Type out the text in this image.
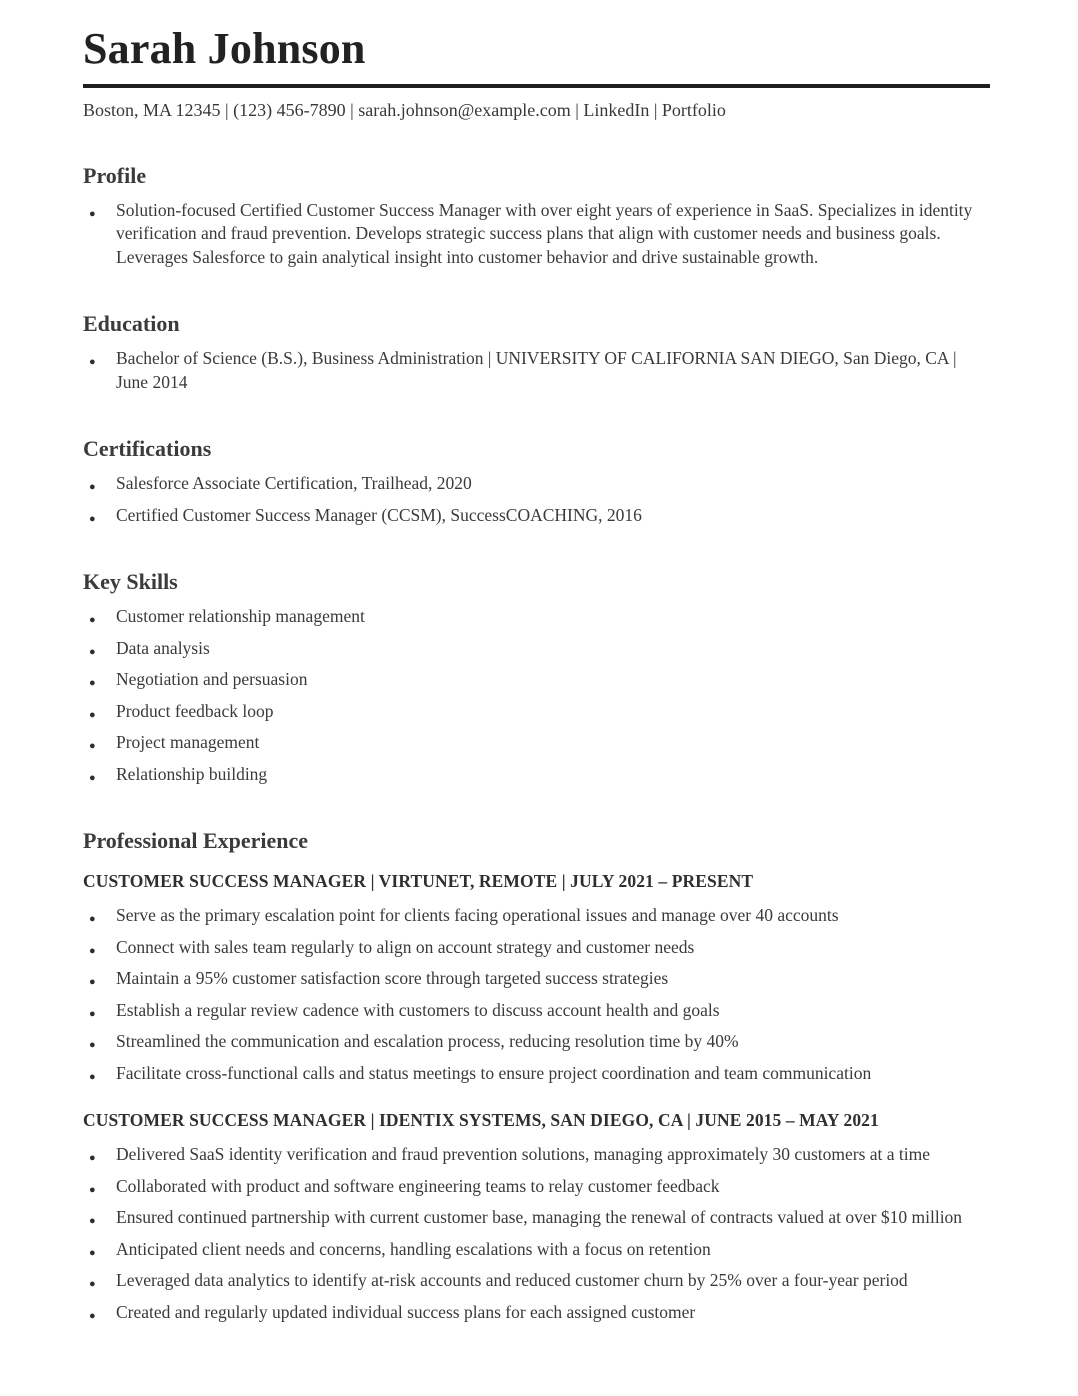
Sarah Johnson
Boston, MA 12345 | (123) 456-7890 | sarah.johnson@example.com | LinkedIn | Portfolio
Profile
● Solution-focused Certified Customer Success Manager with over eight years of experience in SaaS. Specializes in identity verification and fraud prevention. Develops strategic success plans that align with customer needs and business goals. Leverages Salesforce to gain analytical insight into customer behavior and drive sustainable growth.
Education
● Bachelor of Science (B.S.), Business Administration | UNIVERSITY OF CALIFORNIA SAN DIEGO, San Diego, CA | June 2014
Certifications
● Salesforce Associate Certification, Trailhead, 2020
● Certified Customer Success Manager (CCSM), SuccessCOACHING, 2016
Key Skills
● Customer relationship management
● Data analysis
● Negotiation and persuasion
● Product feedback loop
● Project management
● Relationship building
Professional Experience
CUSTOMER SUCCESS MANAGER | VIRTUNET, REMOTE | JULY 2021 – PRESENT
● Serve as the primary escalation point for clients facing operational issues and manage over 40 accounts
● Connect with sales team regularly to align on account strategy and customer needs
● Maintain a 95% customer satisfaction score through targeted success strategies
● Establish a regular review cadence with customers to discuss account health and goals
● Streamlined the communication and escalation process, reducing resolution time by 40%
● Facilitate cross-functional calls and status meetings to ensure project coordination and team communication
CUSTOMER SUCCESS MANAGER | IDENTIX SYSTEMS, SAN DIEGO, CA | JUNE 2015 – MAY 2021
● Delivered SaaS identity verification and fraud prevention solutions, managing approximately 30 customers at a time
● Collaborated with product and software engineering teams to relay customer feedback
● Ensured continued partnership with current customer base, managing the renewal of contracts valued at over $10 million
● Anticipated client needs and concerns, handling escalations with a focus on retention
● Leveraged data analytics to identify at-risk accounts and reduced customer churn by 25% over a four-year period
● Created and regularly updated individual success plans for each assigned customer
